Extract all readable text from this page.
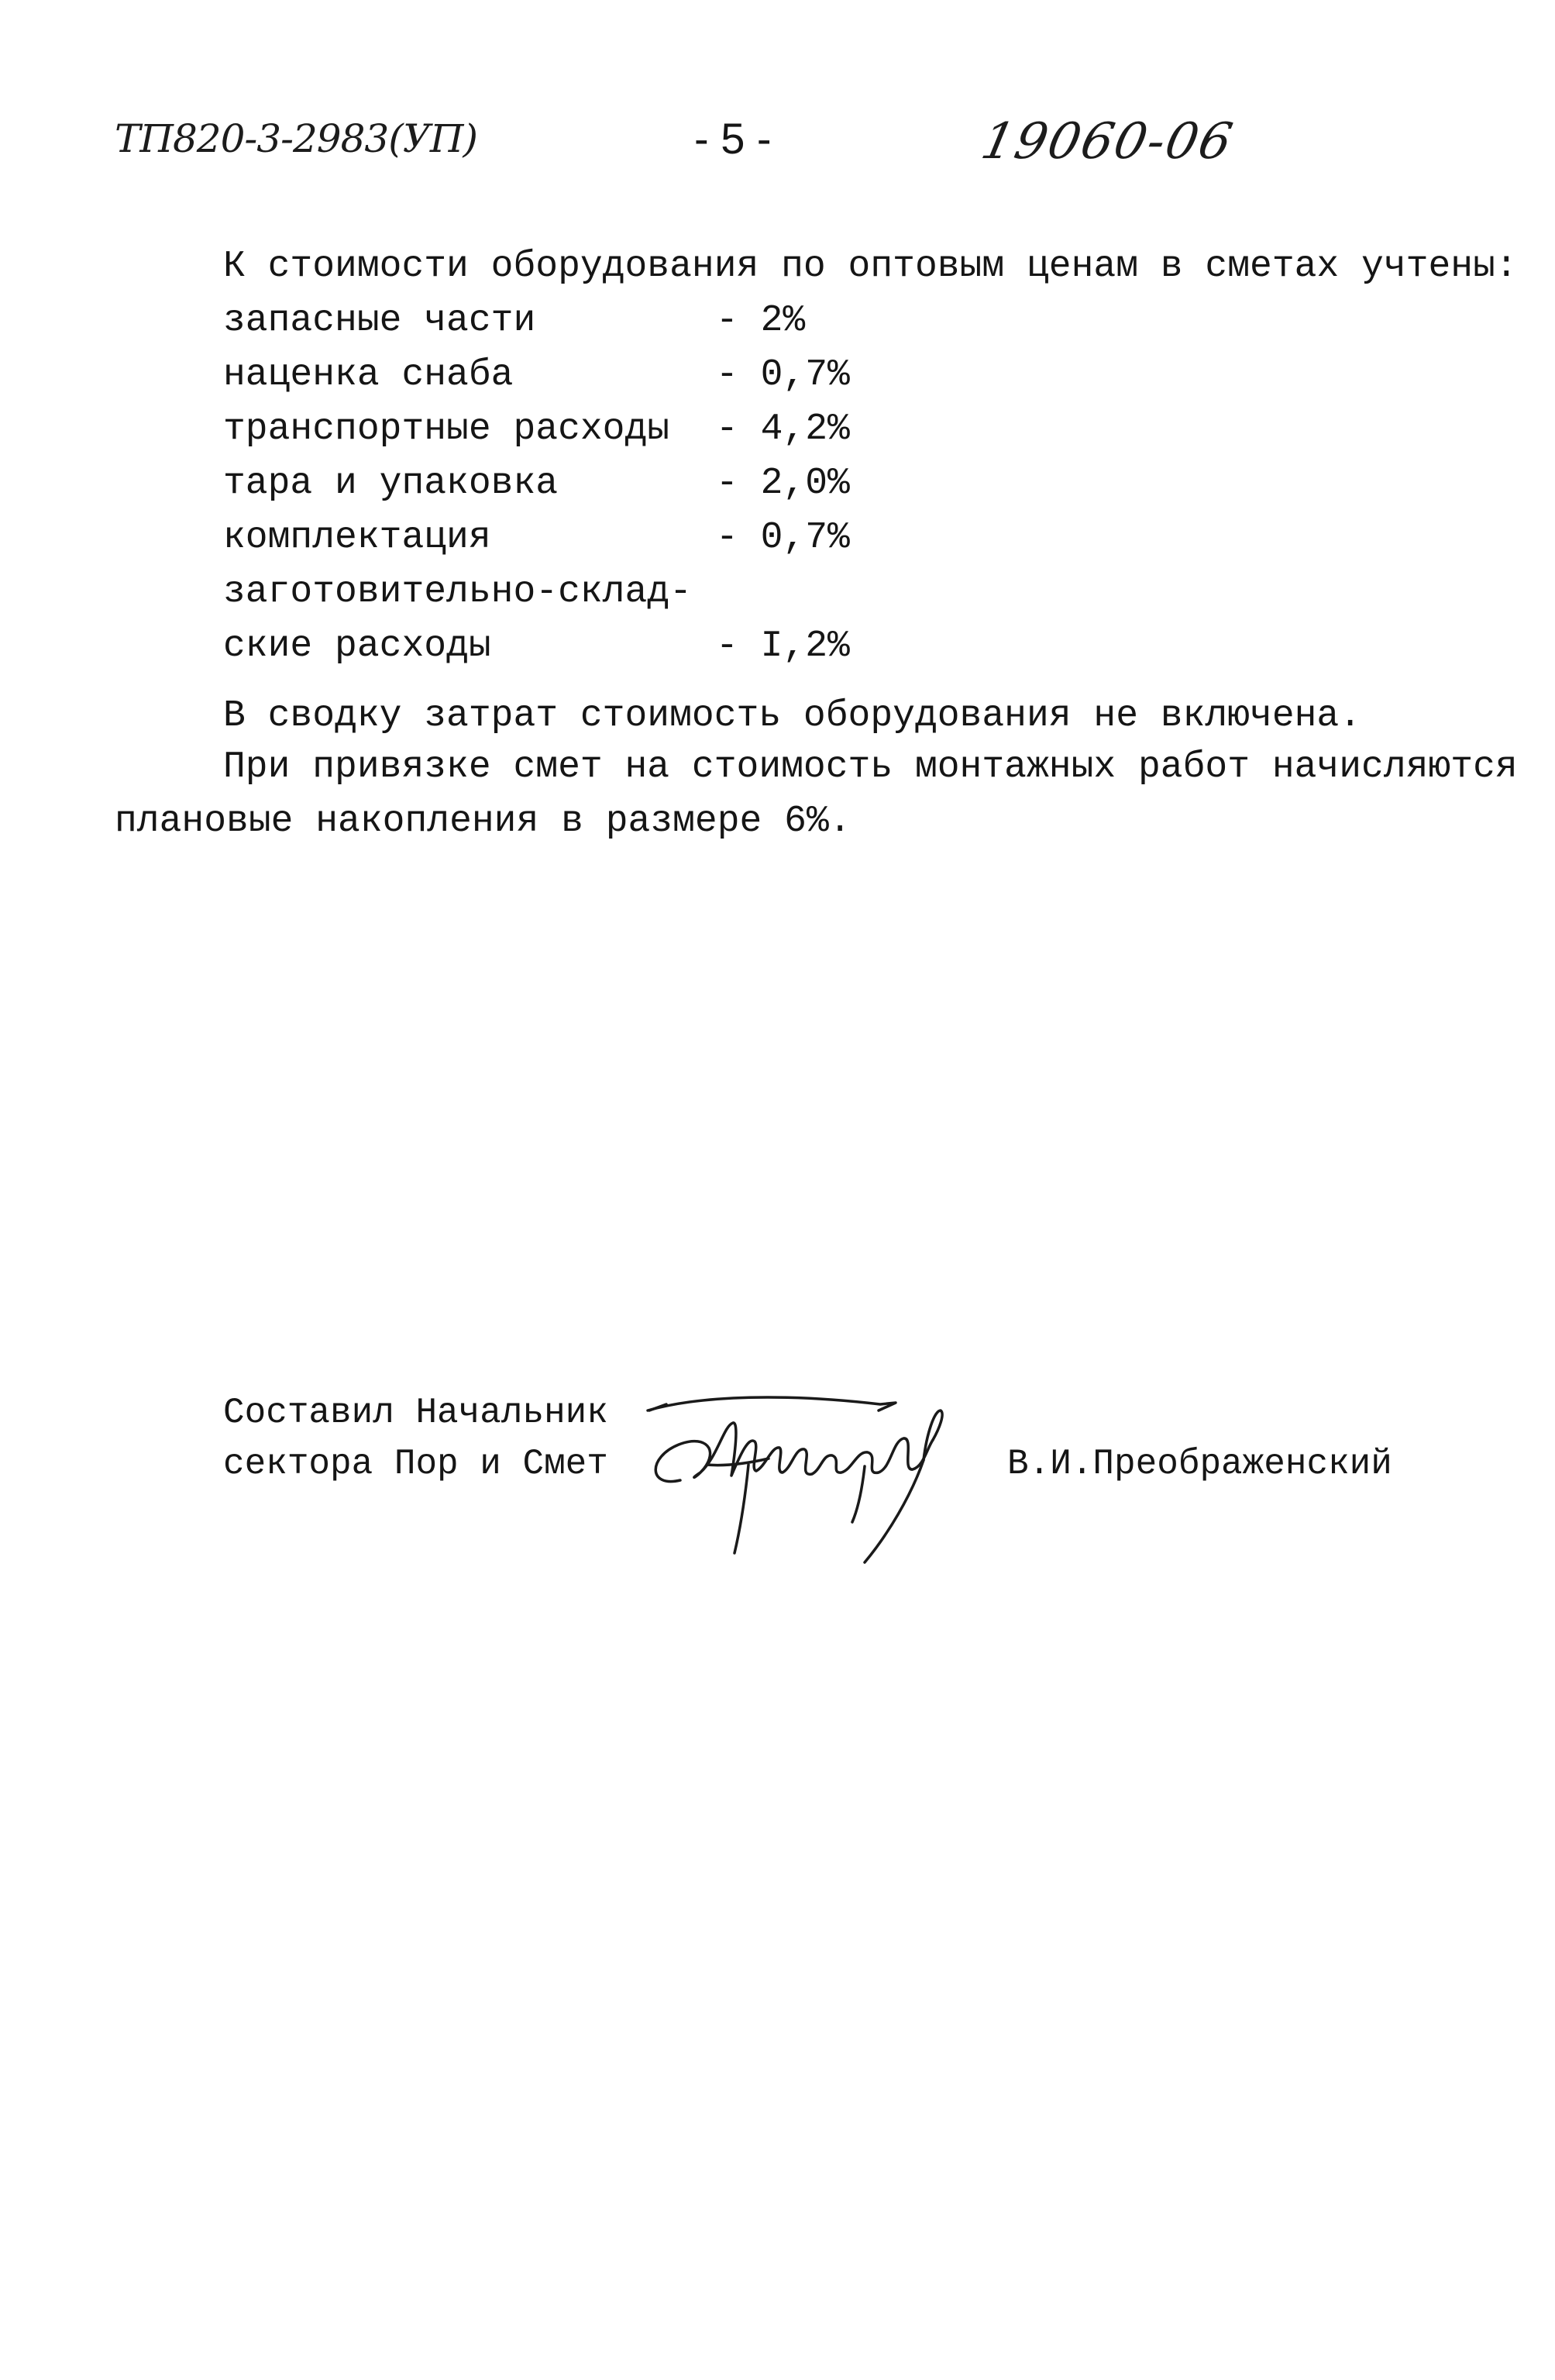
ТП820-3-2983(УП)	- 5 -	19060-06
К стоимости оборудования по оптовым ценам в сметах учтены:
запасные части	- 2%
наценка снаба	- 0,7%
транспортные расходы - 4,2%
тара и упаковка	- 2,0%
комплектация	- 0,7%
заготовительно-склад-
ские расходы	- I,2%
В сводку затрат стоимость оборудования не включена.
При привязке смет на стоимость монтажных работ начисляются
плановые накопления в размере 6%.
Составил Начальник
сектора Пор и Смет	В.И.Преображенский
